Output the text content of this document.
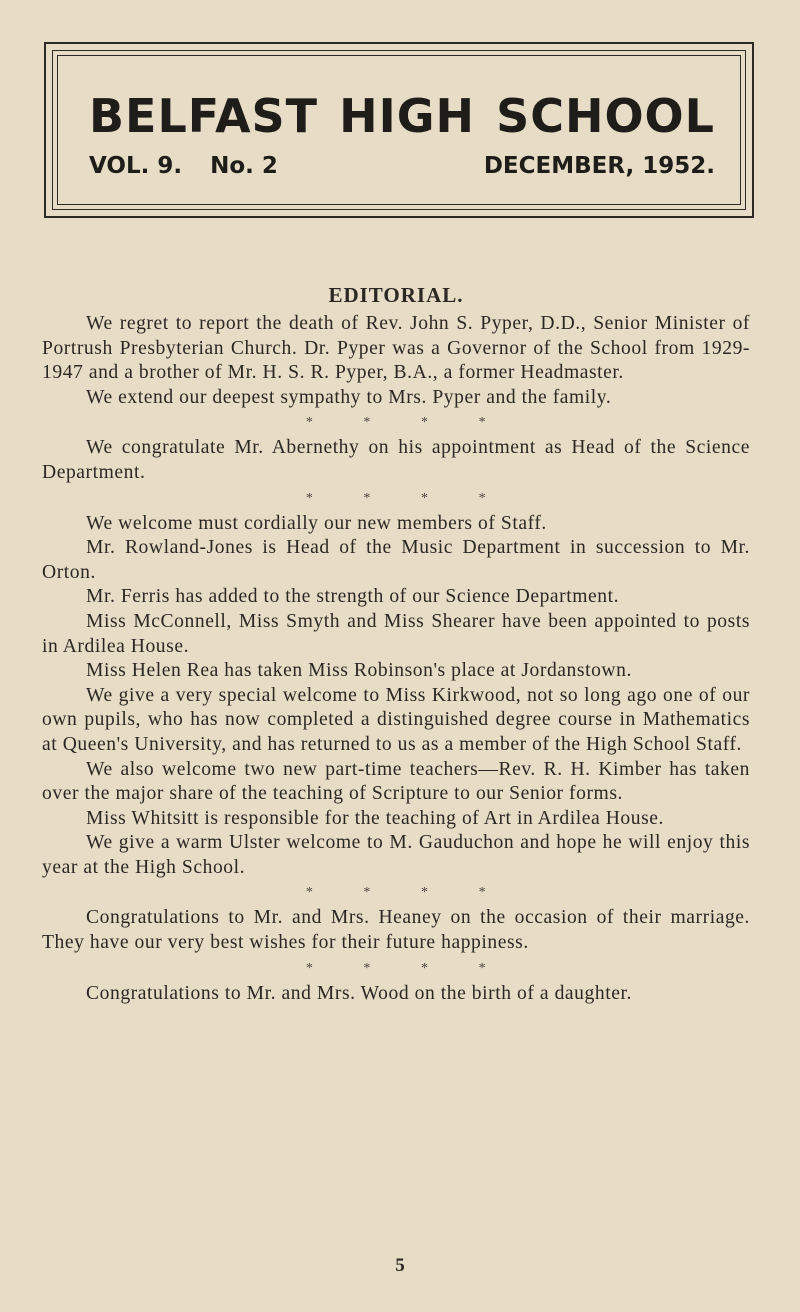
BELFAST HIGH SCHOOL
VOL. 9. No. 2	DECEMBER, 1952.
EDITORIAL.

We regret to report the death of Rev. John S. Pyper, D.D., Senior Minister of Portrush Presbyterian Church. Dr. Pyper was a Governor of the School from 1929-1947 and a brother of Mr. H. S. R. Pyper, B.A., a former Headmaster.

We extend our deepest sympathy to Mrs. Pyper and the family.

* * * *

We congratulate Mr. Abernethy on his appointment as Head of the Science Department.

* * * *

We welcome must cordially our new members of Staff.

Mr. Rowland-Jones is Head of the Music Department in succession to Mr. Orton.

Mr. Ferris has added to the strength of our Science Department.

Miss McConnell, Miss Smyth and Miss Shearer have been appointed to posts in Ardilea House.

Miss Helen Rea has taken Miss Robinson's place at Jordanstown.

We give a very special welcome to Miss Kirkwood, not so long ago one of our own pupils, who has now completed a distinguished degree course in Mathematics at Queen's University, and has returned to us as a member of the High School Staff.

We also welcome two new part-time teachers—Rev. R. H. Kimber has taken over the major share of the teaching of Scripture to our Senior forms.

Miss Whitsitt is responsible for the teaching of Art in Ardilea House.

We give a warm Ulster welcome to M. Gauduchon and hope he will enjoy this year at the High School.

* * * *

Congratulations to Mr. and Mrs. Heaney on the occasion of their marriage. They have our very best wishes for their future happiness.

* * * *

Congratulations to Mr. and Mrs. Wood on the birth of a daughter.

5
